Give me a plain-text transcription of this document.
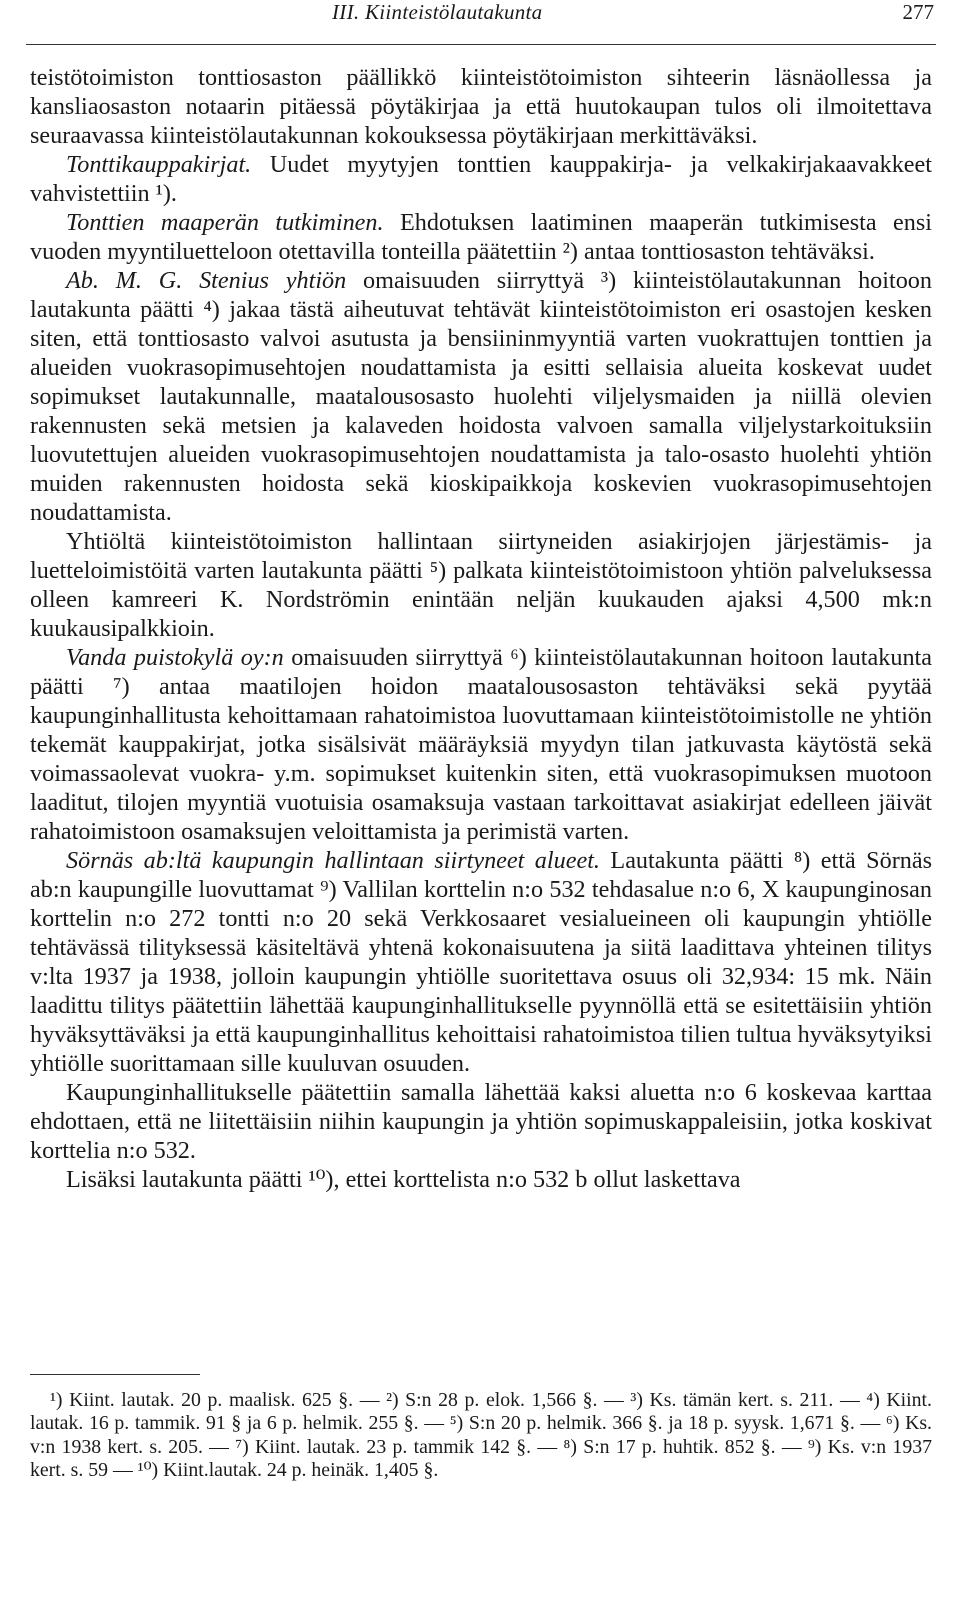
III. Kiinteistölautakunta	277

teistötoimiston tonttiosaston päällikkö kiinteistötoimiston sihteerin läsnäollessa ja kansliaosaston notaarin pitäessä pöytäkirjaa ja että huutokaupan tulos oli ilmoitettava seuraavassa kiinteistölautakunnan kokouksessa pöytäkirjaan merkittäväksi.

Tonttikauppakirjat. Uudet myytyjen tonttien kauppakirja- ja velkakirjakaavakkeet vahvistettiin ¹).

Tonttien maaperän tutkiminen. Ehdotuksen laatiminen maaperän tutkimisesta ensi vuoden myyntiluetteloon otettavilla tonteilla päätettiin ²) antaa tonttiosaston tehtäväksi.

Ab. M. G. Stenius yhtiön omaisuuden siirryttyä ³) kiinteistölautakunnan hoitoon lautakunta päätti ⁴) jakaa tästä aiheutuvat tehtävät kiinteistötoimiston eri osastojen kesken siten, että tonttiosasto valvoi asutusta ja bensiininmyyntiä varten vuokrattujen tonttien ja alueiden vuokrasopimusehtojen noudattamista ja esitti sellaisia alueita koskevat uudet sopimukset lautakunnalle, maatalousosasto huolehti viljelysmaiden ja niillä olevien rakennusten sekä metsien ja kalaveden hoidosta valvoen samalla viljelystarkoituksiin luovutettujen alueiden vuokrasopimusehtojen noudattamista ja talo-osasto huolehti yhtiön muiden rakennusten hoidosta sekä kioskipaikkoja koskevien vuokrasopimusehtojen noudattamista.

Yhtiöltä kiinteistötoimiston hallintaan siirtyneiden asiakirjojen järjestämis- ja luetteloimistöitä varten lautakunta päätti ⁵) palkata kiinteistötoimistoon yhtiön palveluksessa olleen kamreeri K. Nordströmin enintään neljän kuukauden ajaksi 4,500 mk:n kuukausipalkkioin.

Vanda puistokylä oy:n omaisuuden siirryttyä ⁶) kiinteistölautakunnan hoitoon lautakunta päätti ⁷) antaa maatilojen hoidon maatalousosaston tehtäväksi sekä pyytää kaupunginhallitusta kehoittamaan rahatoimistoa luovuttamaan kiinteistötoimistolle ne yhtiön tekemät kauppakirjat, jotka sisälsivät määräyksiä myydyn tilan jatkuvasta käytöstä sekä voimassaolevat vuokra- y.m. sopimukset kuitenkin siten, että vuokrasopimuksen muotoon laaditut, tilojen myyntiä vuotuisia osamaksuja vastaan tarkoittavat asiakirjat edelleen jäivät rahatoimistoon osamaksujen veloittamista ja perimistä varten.

Sörnäs ab:ltä kaupungin hallintaan siirtyneet alueet. Lautakunta päätti ⁸) että Sörnäs ab:n kaupungille luovuttamat ⁹) Vallilan korttelin n:o 532 tehdasalue n:o 6, X kaupunginosan korttelin n:o 272 tontti n:o 20 sekä Verkkosaaret vesialueineen oli kaupungin yhtiölle tehtävässä tilityksessä käsiteltävä yhtenä kokonaisuutena ja siitä laadittava yhteinen tilitys v:lta 1937 ja 1938, jolloin kaupungin yhtiölle suoritettava osuus oli 32,934: 15 mk. Näin laadittu tilitys päätettiin lähettää kaupunginhallitukselle pyynnöllä että se esitettäisiin yhtiön hyväksyttäväksi ja että kaupunginhallitus kehoittaisi rahatoimistoa tilien tultua hyväksytyiksi yhtiölle suorittamaan sille kuuluvan osuuden.

Kaupunginhallitukselle päätettiin samalla lähettää kaksi aluetta n:o 6 koskevaa karttaa ehdottaen, että ne liitettäisiin niihin kaupungin ja yhtiön sopimuskappaleisiin, jotka koskivat korttelia n:o 532.

Lisäksi lautakunta päätti ¹⁰), ettei korttelista n:o 532 b ollut laskettava

¹) Kiint. lautak. 20 p. maalisk. 625 §. — ²) S:n 28 p. elok. 1,566 §. — ³) Ks. tämän kert. s. 211. — ⁴) Kiint. lautak. 16 p. tammik. 91 § ja 6 p. helmik. 255 §. — ⁵) S:n 20 p. helmik. 366 §. ja 18 p. syysk. 1,671 §. — ⁶) Ks. v:n 1938 kert. s. 205. — ⁷) Kiint. lautak. 23 p. tammik 142 §. — ⁸) S:n 17 p. huhtik. 852 §. — ⁹) Ks. v:n 1937 kert. s. 59 — ¹⁰) Kiint.lautak. 24 p. heinäk. 1,405 §.
